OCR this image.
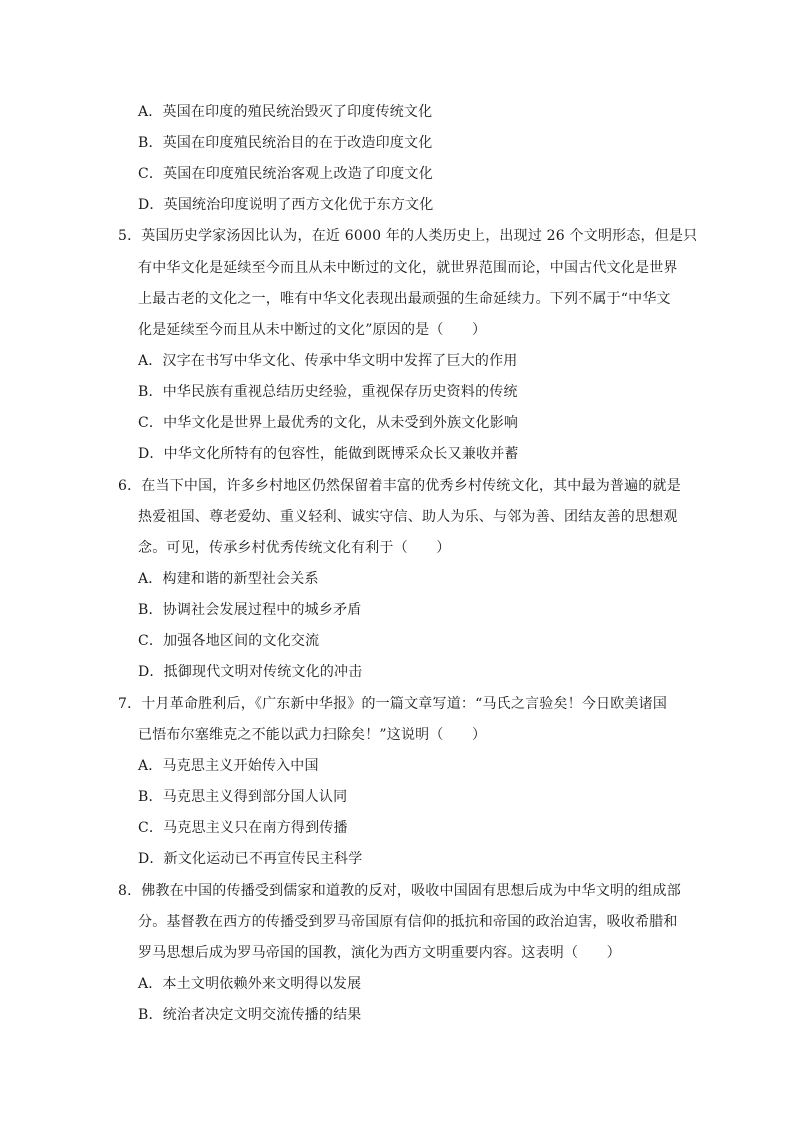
A．英国在印度的殖民统治毁灭了印度传统文化
B．英国在印度殖民统治目的在于改造印度文化
C．英国在印度殖民统治客观上改造了印度文化
D．英国统治印度说明了西方文化优于东方文化
5．英国历史学家汤因比认为，在近 6000 年的人类历史上，出现过 26 个文明形态，但是只
有中华文化是延续至今而且从未中断过的文化，就世界范围而论，中国古代文化是世界
上最古老的文化之一，唯有中华文化表现出最顽强的生命延续力。下列不属于“中华文
化是延续至今而且从未中断过的文化”原因的是（　　）
A．汉字在书写中华文化、传承中华文明中发挥了巨大的作用
B．中华民族有重视总结历史经验，重视保存历史资料的传统
C．中华文化是世界上最优秀的文化，从未受到外族文化影响
D．中华文化所特有的包容性，能做到既博采众长又兼收并蓄
6．在当下中国，许多乡村地区仍然保留着丰富的优秀乡村传统文化，其中最为普遍的就是
热爱祖国、尊老爱幼、重义轻利、诚实守信、助人为乐、与邻为善、团结友善的思想观
念。可见，传承乡村优秀传统文化有利于（　　）
A．构建和谐的新型社会关系
B．协调社会发展过程中的城乡矛盾
C．加强各地区间的文化交流
D．抵御现代文明对传统文化的冲击
7．十月革命胜利后，《广东新中华报》的一篇文章写道：“马氏之言验矣！今日欧美诸国
已悟布尔塞维克之不能以武力扫除矣！”这说明（　　）
A．马克思主义开始传入中国
B．马克思主义得到部分国人认同
C．马克思主义只在南方得到传播
D．新文化运动已不再宣传民主科学
8．佛教在中国的传播受到儒家和道教的反对，吸收中国固有思想后成为中华文明的组成部
分。基督教在西方的传播受到罗马帝国原有信仰的抵抗和帝国的政治迫害，吸收希腊和
罗马思想后成为罗马帝国的国教，演化为西方文明重要内容。这表明（　　）
A．本土文明依赖外来文明得以发展
B．统治者决定文明交流传播的结果
